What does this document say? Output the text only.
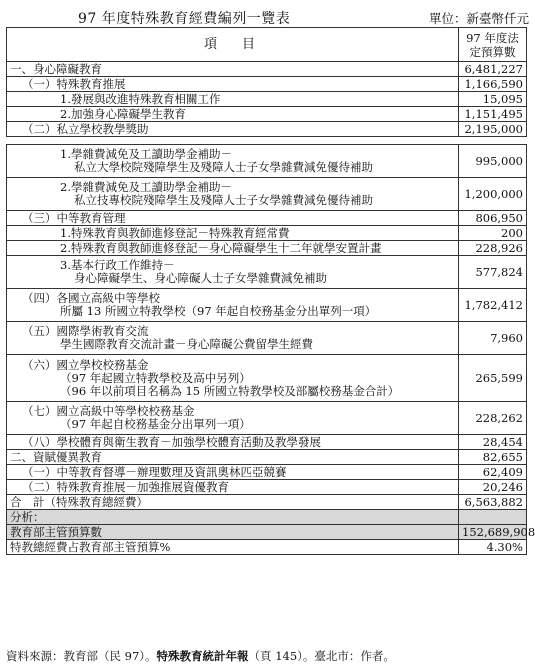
97 年度特殊教育經費編列一覽表	單位：新臺幣仟元
項　目	97 年度法
定預算數

一、身心障礙教育	6,481,227

（一）特殊教育推展	1,166,590

1.發展與改進特殊教育相關工作	15,095

2.加強身心障礙學生教育	1,151,495

（二）私立學校教學獎助	2,195,000

1.學雜費減免及工讀助學金補助－
私立大學校院殘障學生及殘障人士子女學雜費減免優待補助	995,000

2.學雜費減免及工讀助學金補助－
私立技專校院殘障學生及殘障人士子女學雜費減免優待補助	1,200,000

（三）中等教育管理	806,950

1.特殊教育與教師進修登記－特殊教育經常費	200

2.特殊教育與教師進修登記－身心障礙學生十二年就學安置計畫	228,926

3.基本行政工作維持－
身心障礙學生、身心障礙人士子女學雜費減免補助	577,824

（四）各國立高級中等學校
所屬 13 所國立特教學校（97 年起自校務基金分出單列一項）	1,782,412

（五）國際學術教育交流
學生國際教育交流計畫－身心障礙公費留學生經費	7,960

（六）國立學校校務基金
（97 年起國立特教學校及高中另列）
（96 年以前項目名稱為 15 所國立特教學校及部屬校務基金合計）	265,599

（七）國立高級中等學校校務基金
（97 年起自校務基金分出單列一項）	228,262

（八）學校體育與衛生教育－加強學校體育活動及教學發展	28,454

二、資賦優異教育	82,655

（一）中等教育督導－辦理數理及資訊奧林匹亞競賽	62,409

（二）特殊教育推展－加強推展資優教育	20,246

合　計（特殊教育總經費）	6,563,882

分析：	

教育部主管預算數	152,689,908

特教總經費占教育部主管預算%	4.30%
資料來源：教育部（民 97）。特殊教育統計年報（頁 145）。臺北市：作者。
